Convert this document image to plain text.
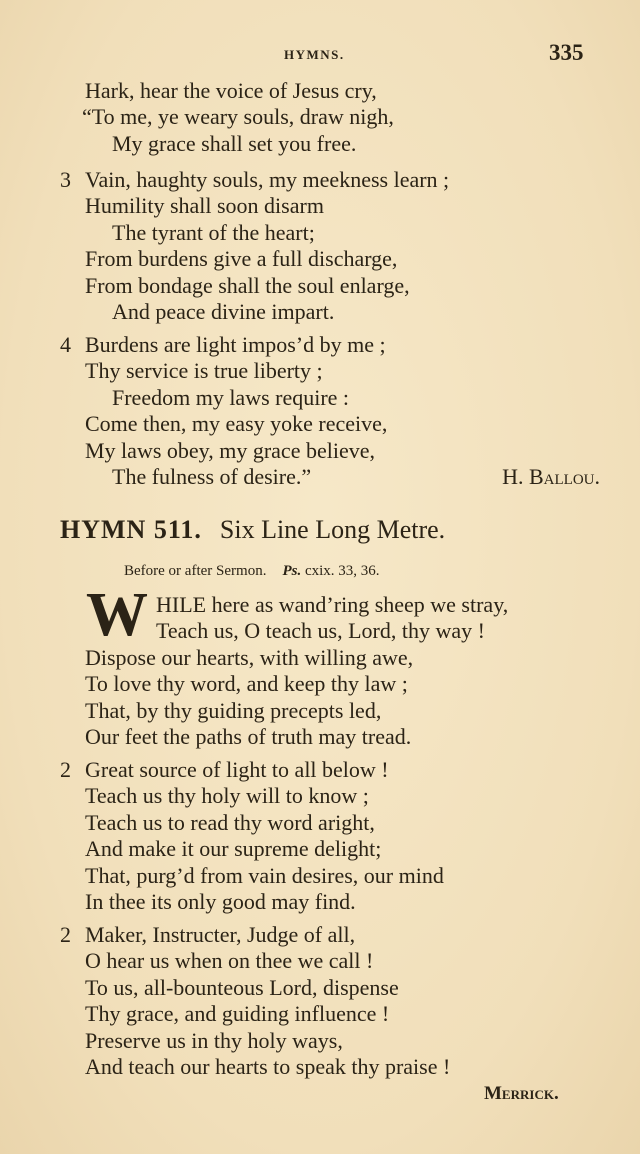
HYMNS.	335
Hark, hear the voice of Jesus cry,
“To me, ye weary souls, draw nigh,
My grace shall set you free.
3 Vain, haughty souls, my meekness learn ;
Humility shall soon disarm
The tyrant of the heart;
From burdens give a full discharge,
From bondage shall the soul enlarge,
And peace divine impart.
4 Burdens are light impos’d by me ;
Thy service is true liberty ;
Freedom my laws require :
Come then, my easy yoke receive,
My laws obey, my grace believe,
The fulness of desire.”	H. Ballou.
HYMN 511. Six Line Long Metre.
Before or after Sermon. Ps. cxix. 33, 36.
W HILE here as wand’ring sheep we stray,
Teach us, O teach us, Lord, thy way !
Dispose our hearts, with willing awe,
To love thy word, and keep thy law ;
That, by thy guiding precepts led,
Our feet the paths of truth may tread.
2 Great source of light to all below !
Teach us thy holy will to know ;
Teach us to read thy word aright,
And make it our supreme delight;
That, purg’d from vain desires, our mind
In thee its only good may find.
2 Maker, Instructer, Judge of all,
O hear us when on thee we call !
To us, all-bounteous Lord, dispense
Thy grace, and guiding influence !
Preserve us in thy holy ways,
And teach our hearts to speak thy praise !
Merrick.
